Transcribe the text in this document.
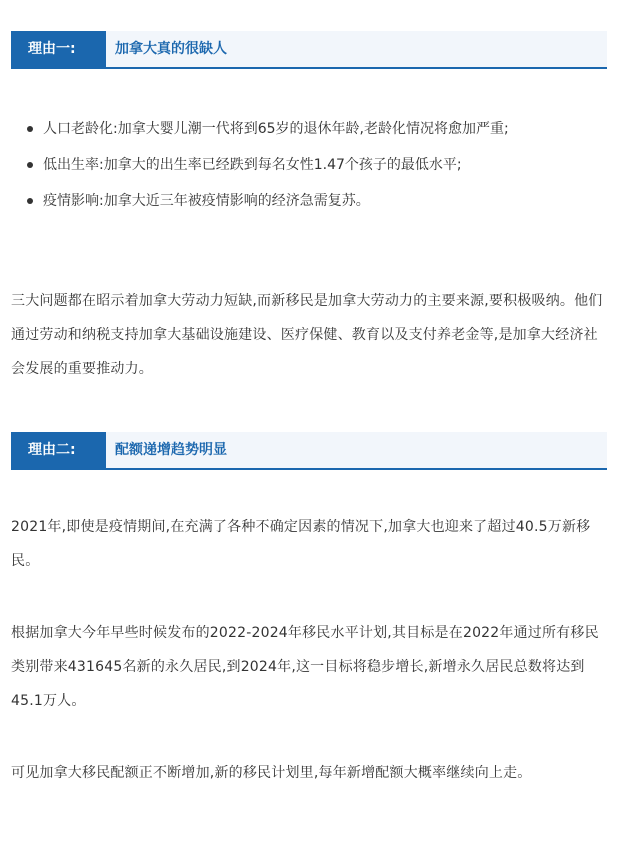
理由一:	加拿大真的很缺人
人口老龄化:加拿大婴儿潮一代将到65岁的退休年龄,老龄化情况将愈加严重;
低出生率:加拿大的出生率已经跌到每名女性1.47个孩子的最低水平;
疫情影响:加拿大近三年被疫情影响的经济急需复苏。

三大问题都在昭示着加拿大劳动力短缺,而新移民是加拿大劳动力的主要来源,要积极吸纳。他们通过劳动和纳税支持加拿大基础设施建设、医疗保健、教育以及支付养老金等,是加拿大经济社会发展的重要推动力。

理由二:	配额递增趋势明显

2021年,即使是疫情期间,在充满了各种不确定因素的情况下,加拿大也迎来了超过40.5万新移民。

根据加拿大今年早些时候发布的2022-2024年移民水平计划,其目标是在2022年通过所有移民类别带来431645名新的永久居民,到2024年,这一目标将稳步增长,新增永久居民总数将达到45.1万人。

可见加拿大移民配额正不断增加,新的移民计划里,每年新增配额大概率继续向上走。
